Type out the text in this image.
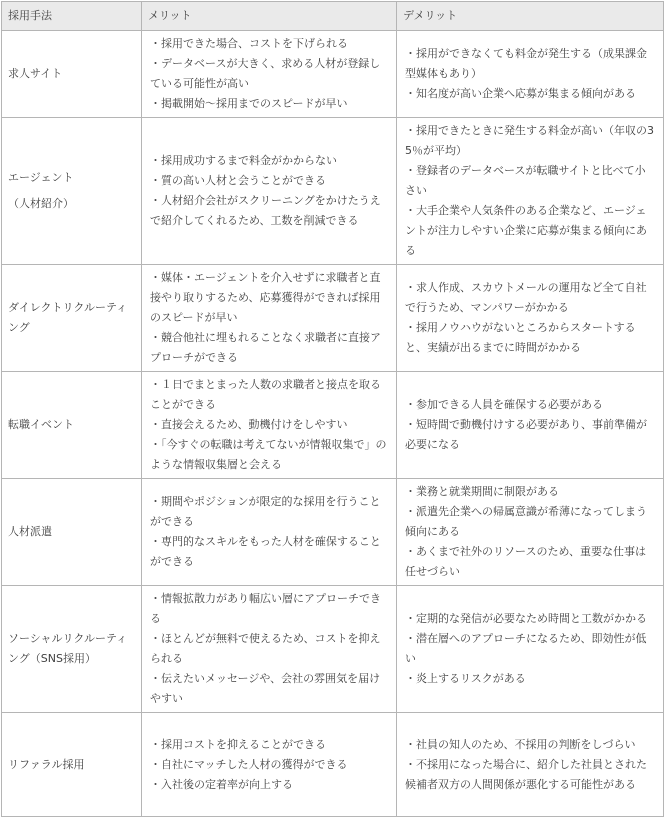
採用手法	メリット	デメリット

求人サイト	・採用できた場合、コストを下げられる
・データベースが大きく、求める人材が登録している可能性が高い
・掲載開始〜採用までのスピードが早い	・採用ができなくても料金が発生する（成果課金型媒体もあり）
・知名度が高い企業へ応募が集まる傾向がある

エージェント
（人材紹介）	・採用成功するまで料金がかからない
・質の高い人材と会うことができる
・人材紹介会社がスクリーニングをかけたうえで紹介してくれるため、工数を削減できる	・採用できたときに発生する料金が高い（年収の35％が平均）
・登録者のデータベースが転職サイトと比べて小さい
・大手企業や人気条件のある企業など、エージェントが注力しやすい企業に応募が集まる傾向にある

ダイレクトリクルーティング	・媒体・エージェントを介入せずに求職者と直接やり取りするため、応募獲得ができれば採用のスピードが早い
・競合他社に埋もれることなく求職者に直接アプローチができる	・求人作成、スカウトメールの運用など全て自社で行うため、マンパワーがかかる
・採用ノウハウがないところからスタートすると、実績が出るまでに時間がかかる

転職イベント	・１日でまとまった人数の求職者と接点を取ることができる
・直接会えるため、動機付けをしやすい
・「今すぐの転職は考えてないが情報収集で」のような情報収集層と会える	・参加できる人員を確保する必要がある
・短時間で動機付けする必要があり、事前準備が必要になる

人材派遣	・期間やポジションが限定的な採用を行うことができる
・専門的なスキルをもった人材を確保することができる	・業務と就業期間に制限がある
・派遣先企業への帰属意識が希薄になってしまう傾向にある
・あくまで社外のリソースのため、重要な仕事は任せづらい

ソーシャルリクルーティング（SNS採用）	・情報拡散力があり幅広い層にアプローチできる
・ほとんどが無料で使えるため、コストを抑えられる
・伝えたいメッセージや、会社の雰囲気を届けやすい	・定期的な発信が必要なため時間と工数がかかる
・潜在層へのアプローチになるため、即効性が低い
・炎上するリスクがある

リファラル採用	・採用コストを抑えることができる
・自社にマッチした人材の獲得ができる
・入社後の定着率が向上する	・社員の知人のため、不採用の判断をしづらい
・不採用になった場合に、紹介した社員とされた候補者双方の人間関係が悪化する可能性がある
